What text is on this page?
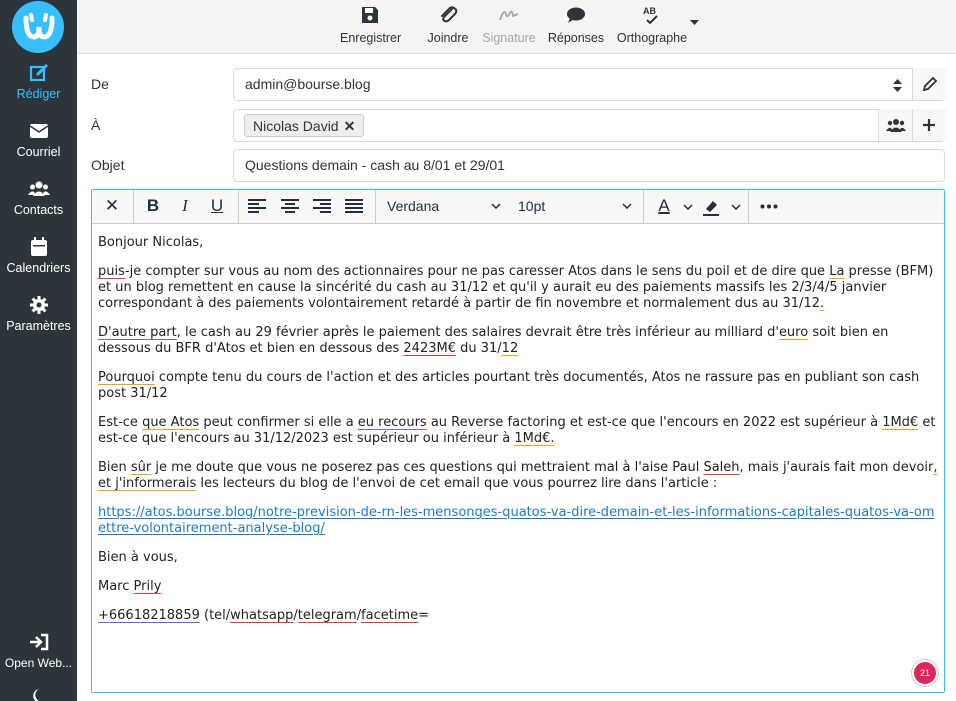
Rédiger
Courriel
Contacts
Calendriers
Paramètres
Open Web...
Enregistrer Joindre Signature Réponses
AB
Orthographe
De	admin@bourse.blog
À	Nicolas David ✕
Objet	Questions demain - cash au 8/01 et 29/01
✕ B	I	U	Verdana	10pt	A

Bonjour Nicolas,

puis-je compter sur vous au nom des actionnaires pour ne pas caresser Atos dans le sens du poil et de dire que La presse (BFM) et un blog remettent en cause la sincérité du cash au 31/12 et qu'il y aurait eu des paiements massifs les 2/3/4/5 janvier correspondant à des paiements volontairement retardé à partir de fin novembre et normalement dus au 31/12.

D'autre part, le cash au 29 février après le paiement des salaires devrait être très inférieur au milliard d'euro soit bien en dessous du BFR d'Atos et bien en dessous des 2423M€ du 31/12

Pourquoi compte tenu du cours de l'action et des articles pourtant très documentés, Atos ne rassure pas en publiant son cash post 31/12

Est-ce que Atos peut confirmer si elle a eu recours au Reverse factoring et est-ce que l'encours en 2022 est supérieur à 1Md€ et est-ce que l'encours au 31/12/2023 est supérieur ou inférieur à 1Md€.

Bien sûr je me doute que vous ne poserez pas ces questions qui mettraient mal à l'aise Paul Saleh, mais j'aurais fait mon devoir, et j'informerais les lecteurs du blog de l'envoi de cet email que vous pourrez lire dans l'article :

https://atos.bourse.blog/notre-prevision-de-rn-les-mensonges-quatos-va-dire-demain-et-les-informations-capitales-quatos-va-omettre-volontairement-analyse-blog/

Bien à vous,

Marc Prily

+66618218859 (tel/whatsapp/telegram/facetime=

21
